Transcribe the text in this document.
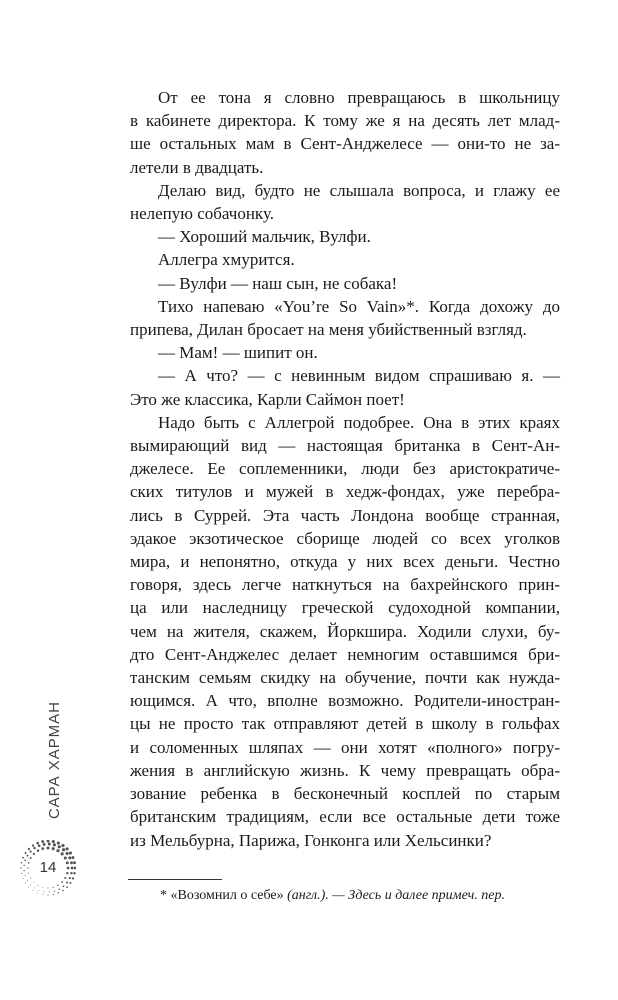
От ее тона я словно превращаюсь в школьницу
в кабинете директора. К тому же я на десять лет млад-
ше остальных мам в Сент-Анджелесе — они-то не за-
летели в двадцать.
Делаю вид, будто не слышала вопроса, и глажу ее
нелепую собачонку.
— Хороший мальчик, Вулфи.
Аллегра хмурится.
— Вулфи — наш сын, не собака!
Тихо напеваю «You’re So Vain»*. Когда дохожу до
припева, Дилан бросает на меня убийственный взгляд.
— Мам! — шипит он.
— А что? — с невинным видом спрашиваю я. —
Это же классика, Карли Саймон поет!
Надо быть с Аллегрой подобрее. Она в этих краях
вымирающий вид — настоящая британка в Сент-Ан-
джелесе. Ее соплеменники, люди без аристократиче-
ских титулов и мужей в хедж-фондах, уже перебра-
лись в Суррей. Эта часть Лондона вообще странная,
эдакое экзотическое сборище людей со всех уголков
мира, и непонятно, откуда у них всех деньги. Честно
говоря, здесь легче наткнуться на бахрейнского прин-
ца или наследницу греческой судоходной компании,
чем на жителя, скажем, Йоркшира. Ходили слухи, бу-
дто Сент-Анджелес делает немногим оставшимся бри-
танским семьям скидку на обучение, почти как нужда-
ющимся. А что, вполне возможно. Родители-иностран-
цы не просто так отправляют детей в школу в гольфах
и соломенных шляпах — они хотят «полного» погру-
жения в английскую жизнь. К чему превращать обра-
зование ребенка в бесконечный косплей по старым
британским традициям, если все остальные дети тоже
из Мельбурна, Парижа, Гонконга или Хельсинки?
* «Возомнил о себе» (англ.). — Здесь и далее примеч. пер.
САРА ХАРМАН
14
